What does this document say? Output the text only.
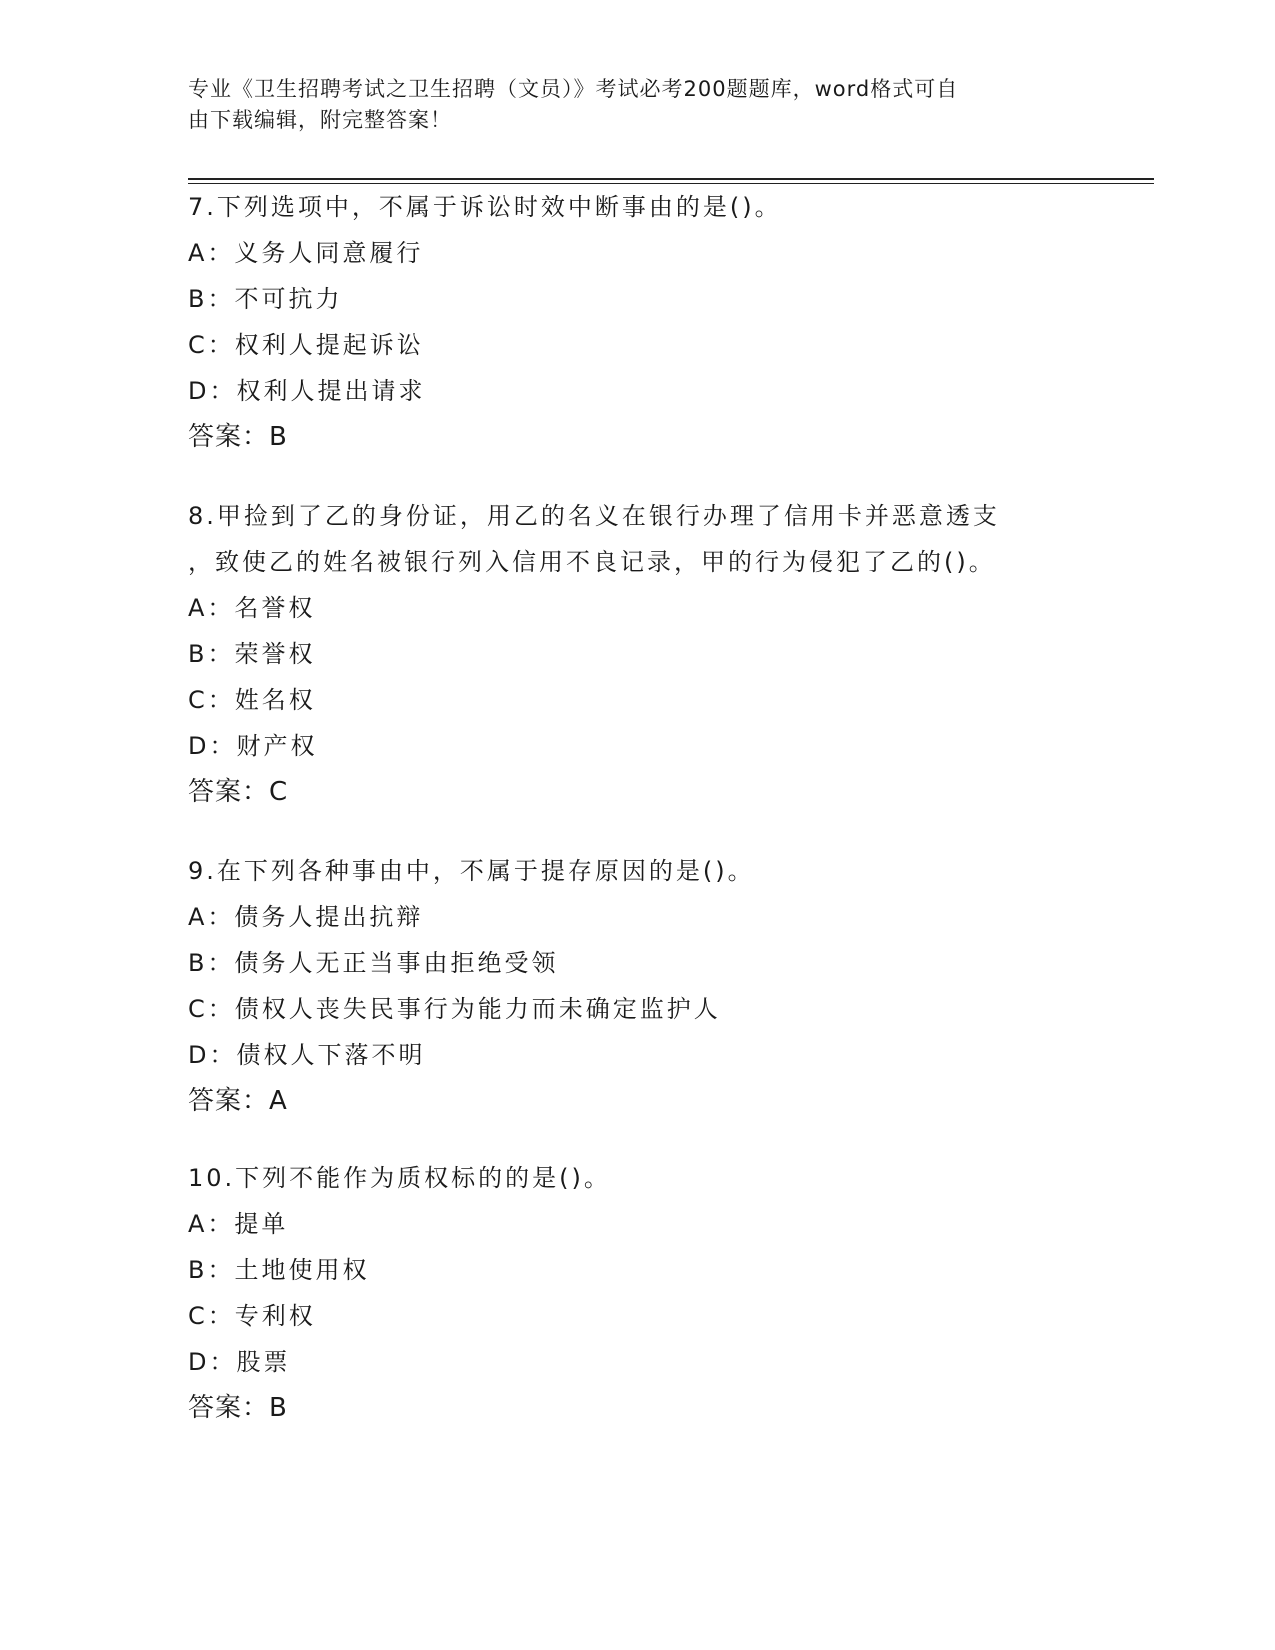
专业《卫生招聘考试之卫生招聘（文员）》考试必考200题题库，word格式可自
由下载编辑，附完整答案！
7.下列选项中，不属于诉讼时效中断事由的是()。
A：义务人同意履行
B：不可抗力
C：权利人提起诉讼
D：权利人提出请求
答案：B
8.甲捡到了乙的身份证，用乙的名义在银行办理了信用卡并恶意透支
，致使乙的姓名被银行列入信用不良记录，甲的行为侵犯了乙的()。
A：名誉权
B：荣誉权
C：姓名权
D：财产权
答案：C
9.在下列各种事由中，不属于提存原因的是()。
A：债务人提出抗辩
B：债务人无正当事由拒绝受领
C：债权人丧失民事行为能力而未确定监护人
D：债权人下落不明
答案：A
10.下列不能作为质权标的的是()。
A：提单
B：土地使用权
C：专利权
D：股票
答案：B
